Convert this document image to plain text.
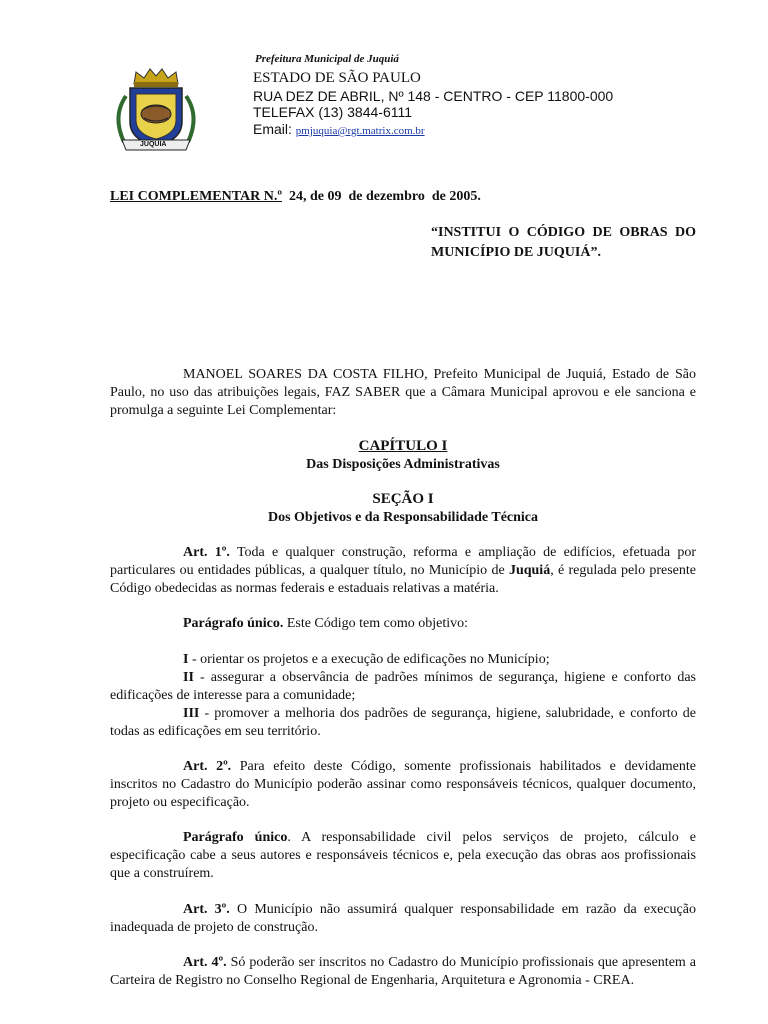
JUQUIÁ
Prefeitura Municipal de Juquiá
ESTADO DE SÃO PAULO
RUA DEZ DE ABRIL, Nº 148 - CENTRO - CEP 11800-000
TELEFAX (13) 3844-6111
Email: pmjuquia@rgt.matrix.com.br
LEI COMPLEMENTAR N.º  24, de 09  de dezembro  de 2005.
“INSTITUI O CÓDIGO DE OBRAS DO MUNICÍPIO DE JUQUIÁ”.

MANOEL SOARES DA COSTA FILHO, Prefeito Municipal de Juquiá, Estado de São Paulo, no uso das atribuições legais, FAZ SABER que a Câmara Municipal aprovou e ele sanciona e promulga a seguinte Lei Complementar:

CAPÍTULO I
Das Disposições Administrativas
SEÇÃO I
Dos Objetivos e da Responsabilidade Técnica

Art. 1º. Toda e qualquer construção, reforma e ampliação de edifícios, efetuada por particulares ou entidades públicas, a qualquer título, no Município de Juquiá, é regulada pelo presente Código obedecidas as normas federais e estaduais relativas a matéria.

Parágrafo único. Este Código tem como objetivo:

I - orientar os projetos e a execução de edificações no Município;

II - assegurar a observância de padrões mínimos de segurança, higiene e conforto das edificações de interesse para a comunidade;

III - promover a melhoria dos padrões de segurança, higiene, salubridade, e conforto de todas as edificações em seu território.

Art. 2º. Para efeito deste Código, somente profissionais habilitados e devidamente inscritos no Cadastro do Município poderão assinar como responsáveis técnicos, qualquer documento, projeto ou especificação.

Parágrafo único. A responsabilidade civil pelos serviços de projeto, cálculo e especificação cabe a seus autores e responsáveis técnicos e, pela execução das obras aos profissionais que a construírem.

Art. 3º. O Município não assumirá qualquer responsabilidade em razão da execução inadequada de projeto de construção.

Art. 4º. Só poderão ser inscritos no Cadastro do Município profissionais que apresentem a Carteira de Registro no Conselho Regional de Engenharia, Arquitetura e Agronomia - CREA.
